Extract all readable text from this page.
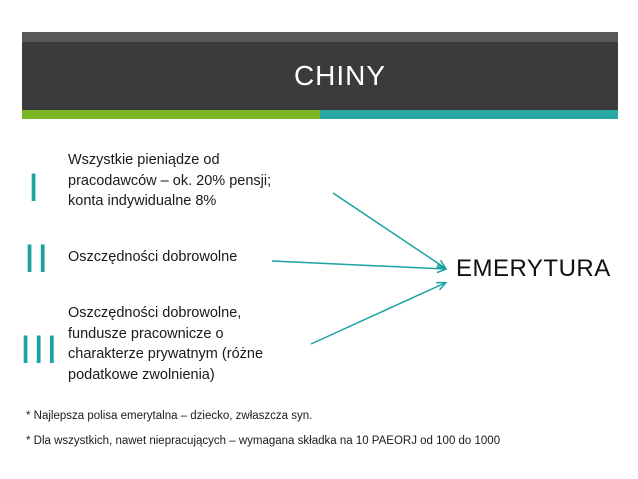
CHINY
I
Wszystkie pieniądze od pracodawców – ok. 20% pensji; konta indywidualne 8%
II Oszczędności dobrowolne
III
Oszczędności dobrowolne, fundusze pracownicze o charakterze prywatnym (różne podatkowe zwolnienia)
EMERYTURA
* Najlepsza polisa emerytalna – dziecko, zwłaszcza syn.
* Dla wszystkich, nawet niepracujących – wymagana składka na 10 PAEORJ od 100 do 1000
